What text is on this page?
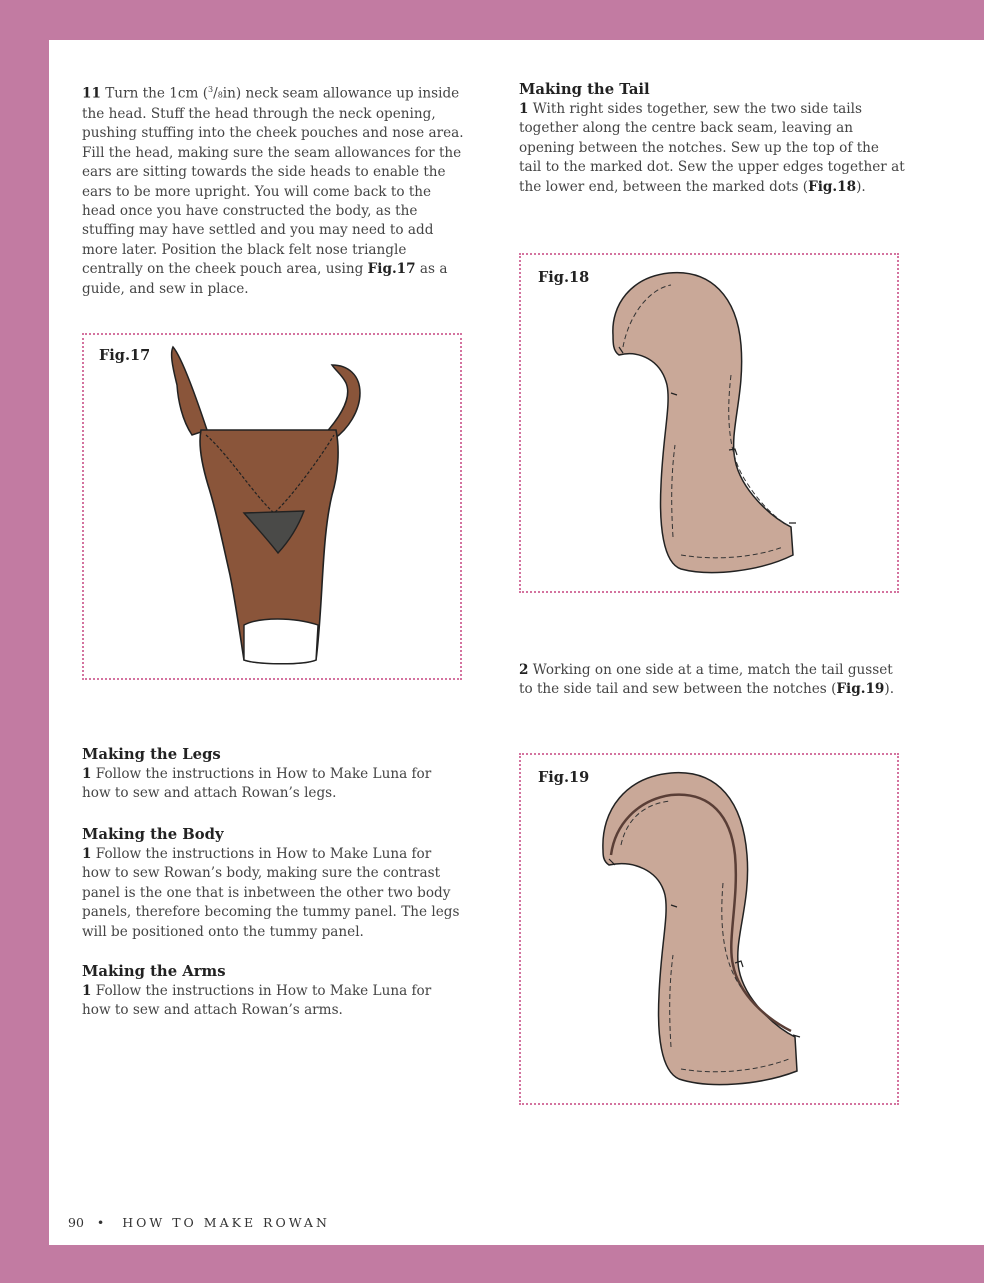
11 Turn the 1cm ($^3$/8in) neck seam allowance up inside the head. Stuff the head through the neck opening, pushing stuffing into the cheek pouches and nose area. Fill the head, making sure the seam allowances for the ears are sitting towards the side heads to enable the ears to be more upright. You will come back to the head once you have constructed the body, as the stuffing may have settled and you may need to add more later. Position the black felt nose triangle centrally on the cheek pouch area, using Fig.17 as a guide, and sew in place.

Making the Legs

1 Follow the instructions in How to Make Luna for how to sew and attach Rowan’s legs.

Making the Body

1 Follow the instructions in How to Make Luna for how to sew Rowan’s body, making sure the contrast panel is the one that is inbetween the other two body panels, therefore becoming the tummy panel. The legs will be positioned onto the tummy panel.

Making the Arms

1 Follow the instructions in How to Make Luna for how to sew and attach Rowan’s arms.

Fig.17
Making the Tail

1 With right sides together, sew the two side tails together along the centre back seam, leaving an opening between the notches. Sew up the top of the tail to the marked dot. Sew the upper edges together at the lower end, between the marked dots (Fig.18).

2 Working on one side at a time, match the tail gusset to the side tail and sew between the notches (Fig.19).

Fig.18
Fig.19
90 • HOW TO MAKE ROWAN
